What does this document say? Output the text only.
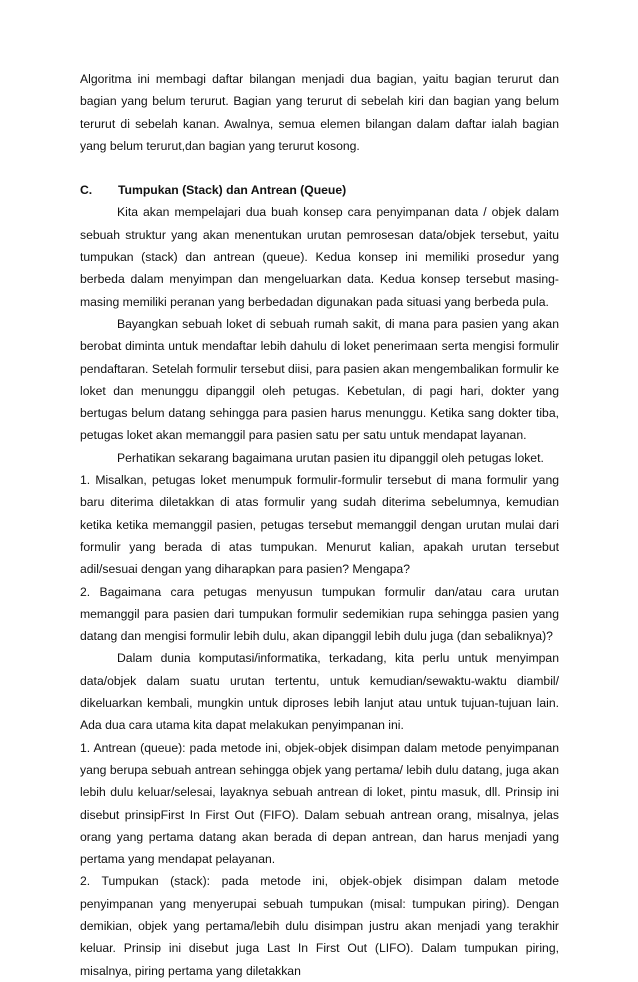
Algoritma ini membagi daftar bilangan menjadi dua bagian, yaitu bagian terurut dan bagian yang belum terurut. Bagian yang terurut di sebelah kiri dan bagian yang belum terurut di sebelah kanan. Awalnya, semua elemen bilangan dalam daftar ialah bagian yang belum terurut,dan bagian yang terurut kosong.

C.	Tumpukan (Stack) dan Antrean (Queue)

Kita akan mempelajari dua buah konsep cara penyimpanan data / objek dalam sebuah struktur yang akan menentukan urutan pemrosesan data/objek tersebut, yaitu tumpukan (stack) dan antrean (queue). Kedua konsep ini memiliki prosedur yang berbeda dalam menyimpan dan mengeluarkan data. Kedua konsep tersebut masing-masing memiliki peranan yang berbedadan digunakan pada situasi yang berbeda pula.

Bayangkan sebuah loket di sebuah rumah sakit, di mana para pasien yang akan berobat diminta untuk mendaftar lebih dahulu di loket penerimaan serta mengisi formulir pendaftaran. Setelah formulir tersebut diisi, para pasien akan mengembalikan formulir ke loket dan menunggu dipanggil oleh petugas. Kebetulan, di pagi hari, dokter yang bertugas belum datang sehingga para pasien harus menunggu. Ketika sang dokter tiba, petugas loket akan memanggil para pasien satu per satu untuk mendapat layanan.

Perhatikan sekarang bagaimana urutan pasien itu dipanggil oleh petugas loket.

1. Misalkan, petugas loket menumpuk formulir-formulir tersebut di mana formulir yang baru diterima diletakkan di atas formulir yang sudah diterima sebelumnya, kemudian ketika ketika memanggil pasien, petugas tersebut memanggil dengan urutan mulai dari formulir yang berada di atas tumpukan. Menurut kalian, apakah urutan tersebut adil/sesuai dengan yang diharapkan para pasien? Mengapa?

2. Bagaimana cara petugas menyusun tumpukan formulir dan/atau cara urutan memanggil para pasien dari tumpukan formulir sedemikian rupa sehingga pasien yang datang dan mengisi formulir lebih dulu, akan dipanggil lebih dulu juga (dan sebaliknya)?

Dalam dunia komputasi/informatika, terkadang, kita perlu untuk menyimpan data/objek dalam suatu urutan tertentu, untuk kemudian/sewaktu-waktu diambil/ dikeluarkan kembali, mungkin untuk diproses lebih lanjut atau untuk tujuan-tujuan lain. Ada dua cara utama kita dapat melakukan penyimpanan ini.

1. Antrean (queue): pada metode ini, objek-objek disimpan dalam metode penyimpanan yang berupa sebuah antrean sehingga objek yang pertama/ lebih dulu datang, juga akan lebih dulu keluar/selesai, layaknya sebuah antrean di loket, pintu masuk, dll. Prinsip ini disebut prinsipFirst In First Out (FIFO). Dalam sebuah antrean orang, misalnya, jelas orang yang pertama datang akan berada di depan antrean, dan harus menjadi yang pertama yang mendapat pelayanan.

2. Tumpukan (stack): pada metode ini, objek-objek disimpan dalam metode penyimpanan yang menyerupai sebuah tumpukan (misal: tumpukan piring). Dengan demikian, objek yang pertama/lebih dulu disimpan justru akan menjadi yang terakhir keluar. Prinsip ini disebut juga Last In First Out (LIFO). Dalam tumpukan piring, misalnya, piring pertama yang diletakkan
